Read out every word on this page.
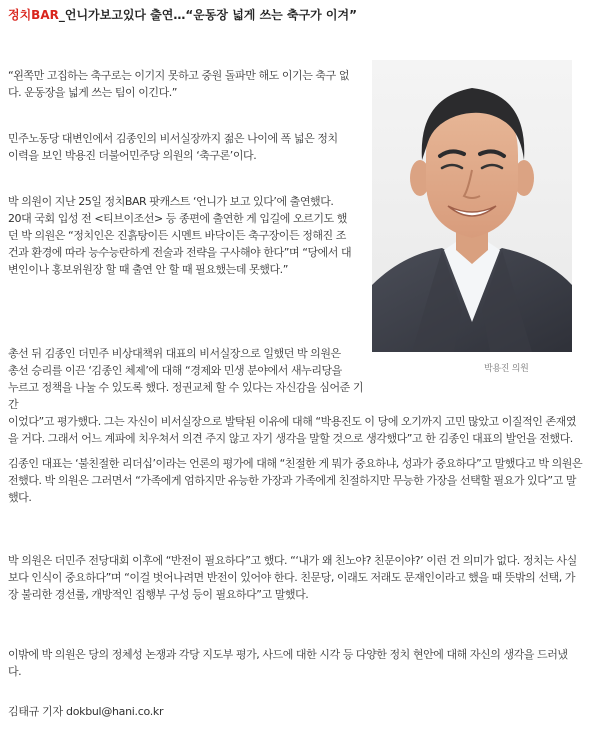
정치BAR_언니가보고있다 출연…“운동장 넓게 쓰는 축구가 이겨”
“왼쪽만 고집하는 축구로는 이기지 못하고 중원 돌파만 해도 이기는 축구 없
다. 운동장을 넓게 쓰는 팀이 이긴다.”
민주노동당 대변인에서 김종인의 비서실장까지 젊은 나이에 폭 넓은 정치
이력을 보인 박용진 더불어민주당 의원의 ‘축구론’이다.
박 의원이 지난 25일 정치BAR 팟캐스트 ‘언니가 보고 있다’에 출연했다.
20대 국회 입성 전 <티브이조선> 등 종편에 출연한 게 입길에 오르기도 했
던 박 의원은 “정치인은 진흙탕이든 시멘트 바닥이든 축구장이든 정해진 조
건과 환경에 따라 능수능란하게 전술과 전략을 구사해야 한다”며 “당에서 대
변인이나 홍보위원장 할 때 출연 안 할 때 필요했는데 못했다.”
총선 뒤 김종인 더민주 비상대책위 대표의 비서실장으로 일했던 박 의원은
총선 승리를 이끈 ‘김종인 체제’에 대해 “경제와 민생 분야에서 새누리당을
누르고 정책을 나눌 수 있도록 했다. 정권교체 할 수 있다는 자신감을 심어준 기간
이었다”고 평가했다. 그는 자신이 비서실장으로 발탁된 이유에 대해 “박용진도 이 당에 오기까지 고민 많았고 이질적인 존재였
을 거다. 그래서 어느 계파에 치우쳐서 의견 주지 않고 자기 생각을 말할 것으로 생각했다”고 한 김종인 대표의 발언을 전했다.
김종인 대표는 ‘불친절한 리더십’이라는 언론의 평가에 대해 “친절한 게 뭐가 중요하냐, 성과가 중요하다”고 말했다고 박 의원은
전했다. 박 의원은 그러면서 “가족에게 엄하지만 유능한 가장과 가족에게 친절하지만 무능한 가장을 선택할 필요가 있다”고 말
했다.
박 의원은 더민주 전당대회 이후에 “반전이 필요하다”고 했다. “‘내가 왜 친노야? 친문이야?’ 이런 건 의미가 없다. 정치는 사실
보다 인식이 중요하다”며 “이걸 벗어나려면 반전이 있어야 한다. 친문당, 이래도 저래도 문재인이라고 했을 때 뜻밖의 선택, 가
장 불리한 경선룰, 개방적인 집행부 구성 등이 필요하다”고 말했다.
이밖에 박 의원은 당의 정체성 논쟁과 각당 지도부 평가, 사드에 대한 시각 등 다양한 정치 현안에 대해 자신의 생각을 드러냈
다.
박용진 의원
김태규 기자 dokbul@hani.co.kr
